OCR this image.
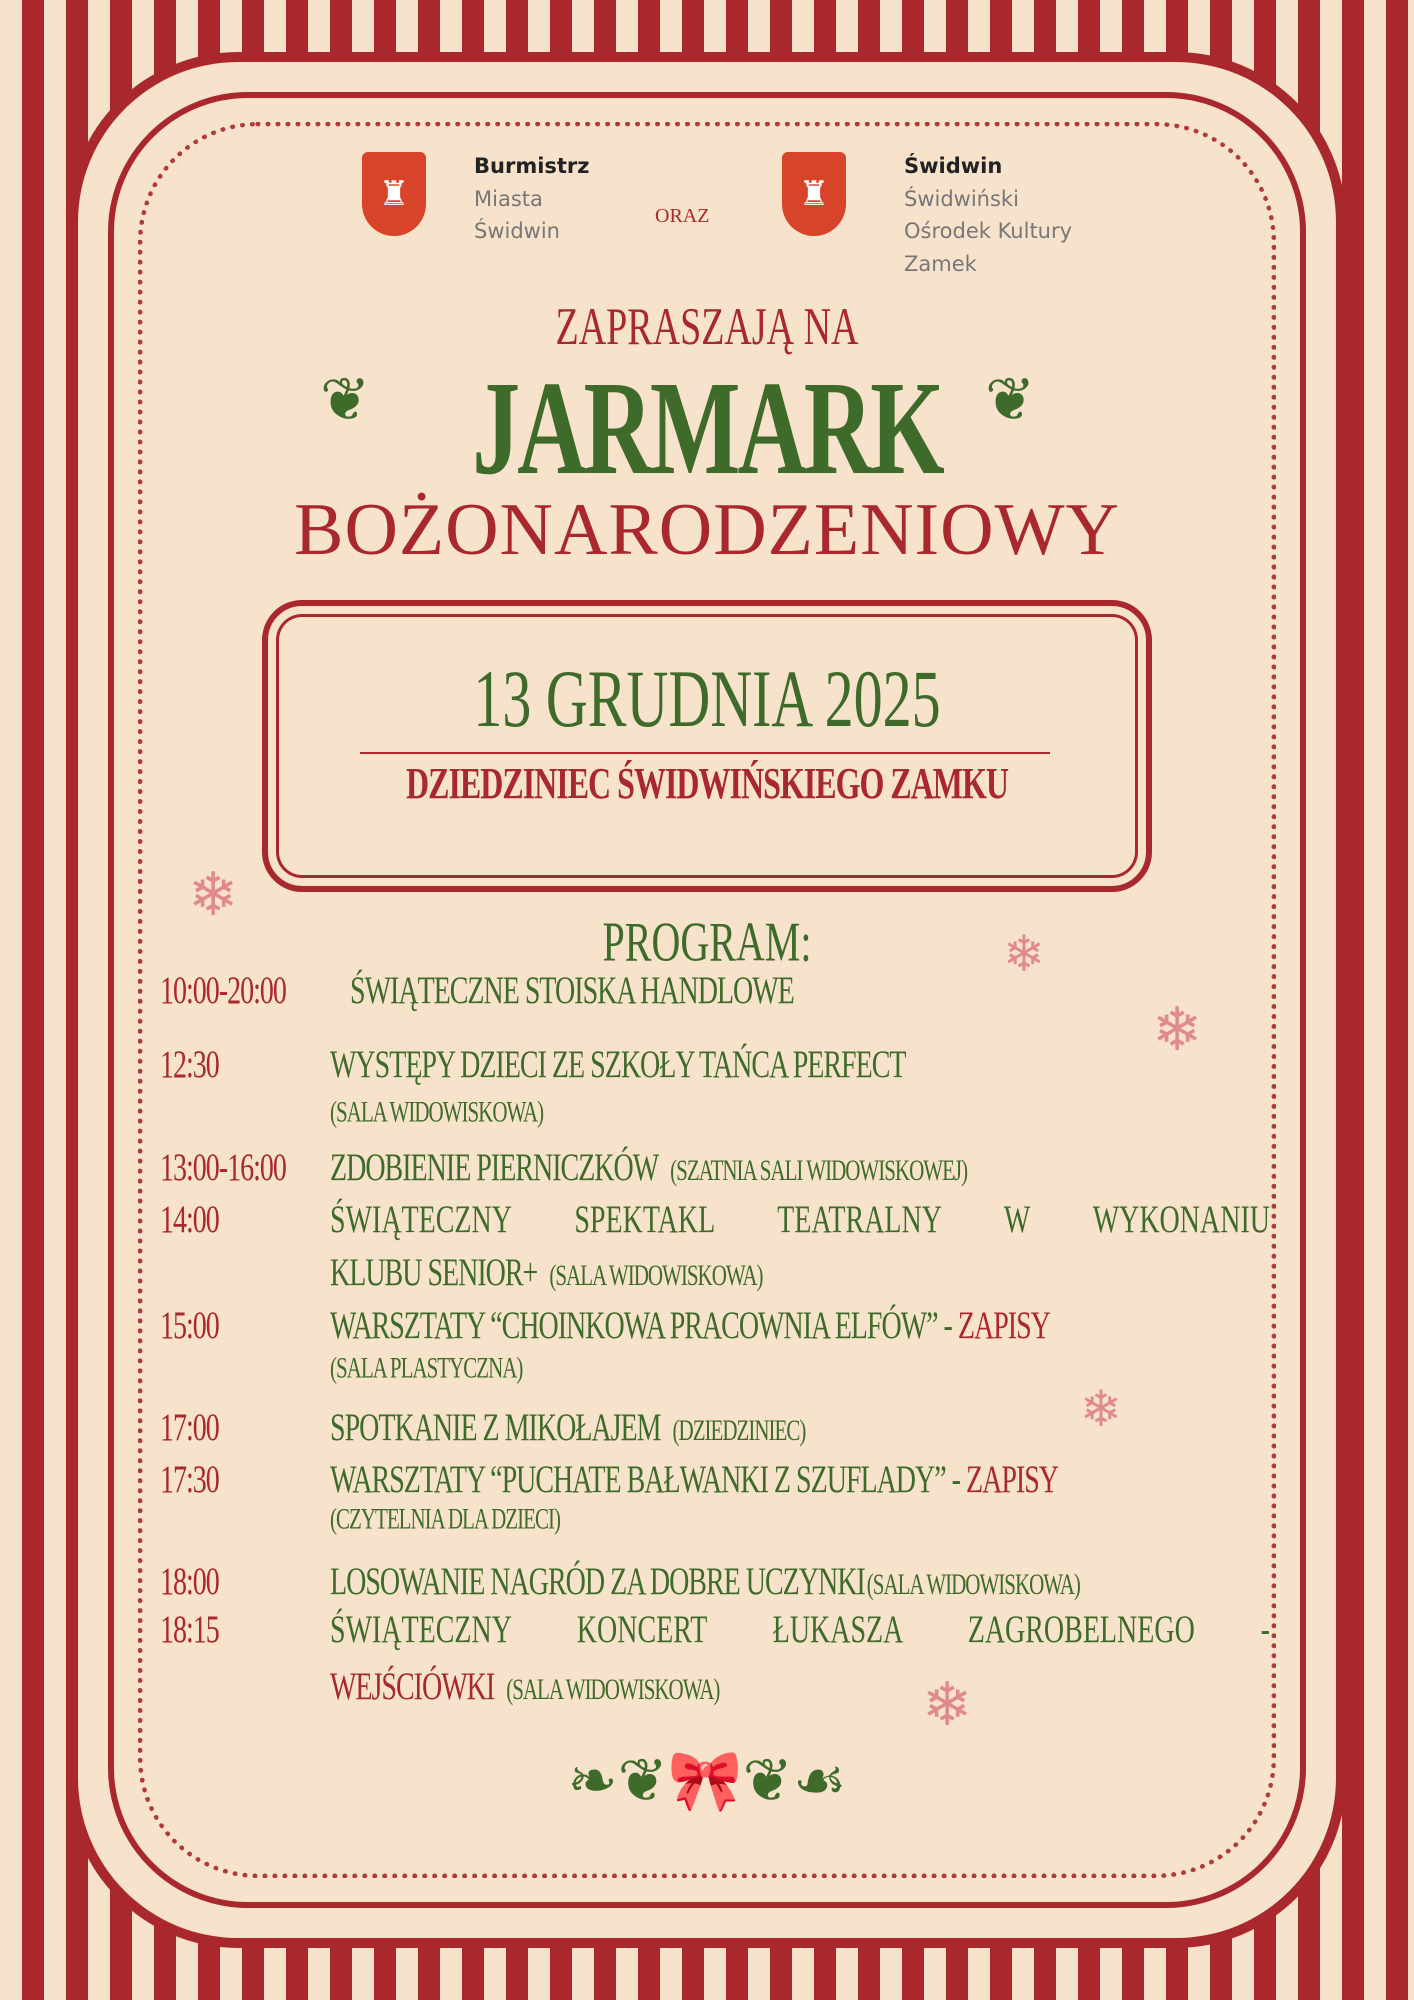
♜
Burmistrz
Miasta
Świdwin
ORAZ
♜
Świdwin
Świdwiński
Ośrodek Kultury
Zamek
ZAPRASZAJĄ NA
❦	❦
JARMARK
BOŻONARODZENIOWY
13 GRUDNIA 2025
DZIEDZINIEC ŚWIDWIŃSKIEGO ZAMKU
❄
❄
❄
❄
❄
PROGRAM:
10:00-20:00 ŚWIĄTECZNE STOISKA HANDLOWE
12:30	WYSTĘPY DZIECI ZE SZKOŁY TAŃCA PERFECT
(SALA WIDOWISKOWA)
13:00-16:00 ZDOBIENIE PIERNICZKÓW (SZATNIA SALI WIDOWISKOWEJ)
14:00	ŚWIĄTECZNY SPEKTAKL TEATRALNY W WYKONANIU
KLUBU SENIOR+ (SALA WIDOWISKOWA)
15:00	WARSZTATY “CHOINKOWA PRACOWNIA ELFÓW” - ZAPISY
(SALA PLASTYCZNA)
17:00	SPOTKANIE Z MIKOŁAJEM (DZIEDZINIEC)
17:30	WARSZTATY “PUCHATE BAŁWANKI Z SZUFLADY” - ZAPISY
(CZYTELNIA DLA DZIECI)
18:00	LOSOWANIE NAGRÓD ZA DOBRE UCZYNKI(SALA WIDOWISKOWA)
18:15	ŚWIĄTECZNY KONCERT ŁUKASZA ZAGROBELNEGO -
WEJŚCIÓWKI (SALA WIDOWISKOWA)
❧❦🎀❦☙
